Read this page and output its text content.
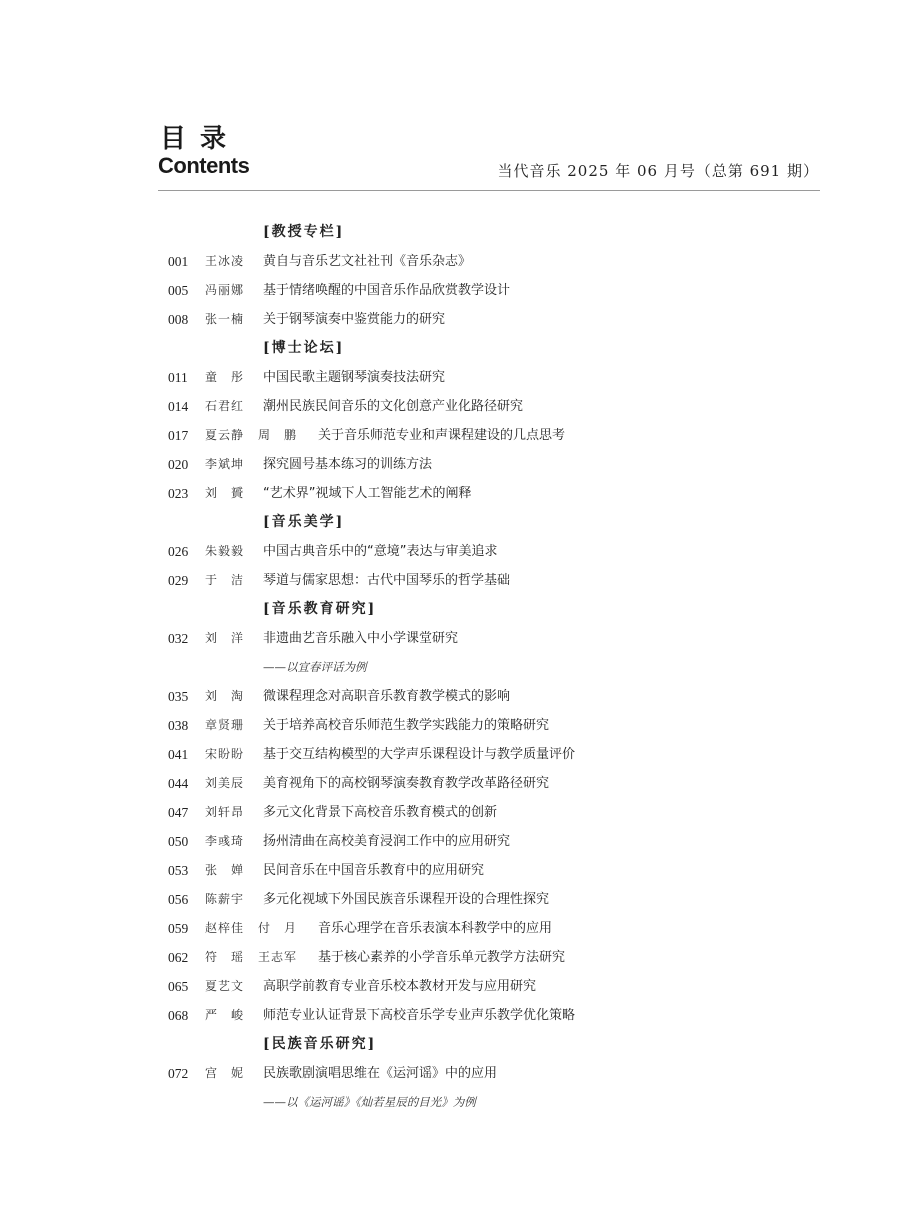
目录
Contents	当代音乐 2025 年 06 月号（总第 691 期）
[教授专栏]
001 王冰凌 黄自与音乐艺文社社刊《音乐杂志》
005 冯丽娜 基于情绪唤醒的中国音乐作品欣赏教学设计
008 张一楠 关于钢琴演奏中鉴赏能力的研究
[博士论坛]
011 童　彤 中国民歌主题钢琴演奏技法研究
014 石君红 潮州民族民间音乐的文化创意产业化路径研究
017 夏云静 周　鹏 关于音乐师范专业和声课程建设的几点思考
020 李斌坤 探究圆号基本练习的训练方法
023 刘　贇 “艺术界”视域下人工智能艺术的阐释
[音乐美学]
026 朱毅毅 中国古典音乐中的“意境”表达与审美追求
029 于　洁 琴道与儒家思想：古代中国琴乐的哲学基础
[音乐教育研究]
032 刘　洋 非遗曲艺音乐融入中小学课堂研究
——以宜春评话为例
035 刘　淘 微课程理念对高职音乐教育教学模式的影响
038 章贤珊 关于培养高校音乐师范生教学实践能力的策略研究
041 宋盼盼 基于交互结构模型的大学声乐课程设计与教学质量评价
044 刘美辰 美育视角下的高校钢琴演奏教育教学改革路径研究
047 刘轩昂 多元文化背景下高校音乐教育模式的创新
050 李彧琦 扬州清曲在高校美育浸润工作中的应用研究
053 张　婵 民间音乐在中国音乐教育中的应用研究
056 陈薪宇 多元化视域下外国民族音乐课程开设的合理性探究
059 赵梓佳 付　月 音乐心理学在音乐表演本科教学中的应用
062 符　瑶 王志军 基于核心素养的小学音乐单元教学方法研究
065 夏艺文 高职学前教育专业音乐校本教材开发与应用研究
068 严　峻 师范专业认证背景下高校音乐学专业声乐教学优化策略
[民族音乐研究]
072 宫　妮 民族歌剧演唱思维在《运河谣》中的应用
——以《运河谣》《灿若星辰的目光》为例
